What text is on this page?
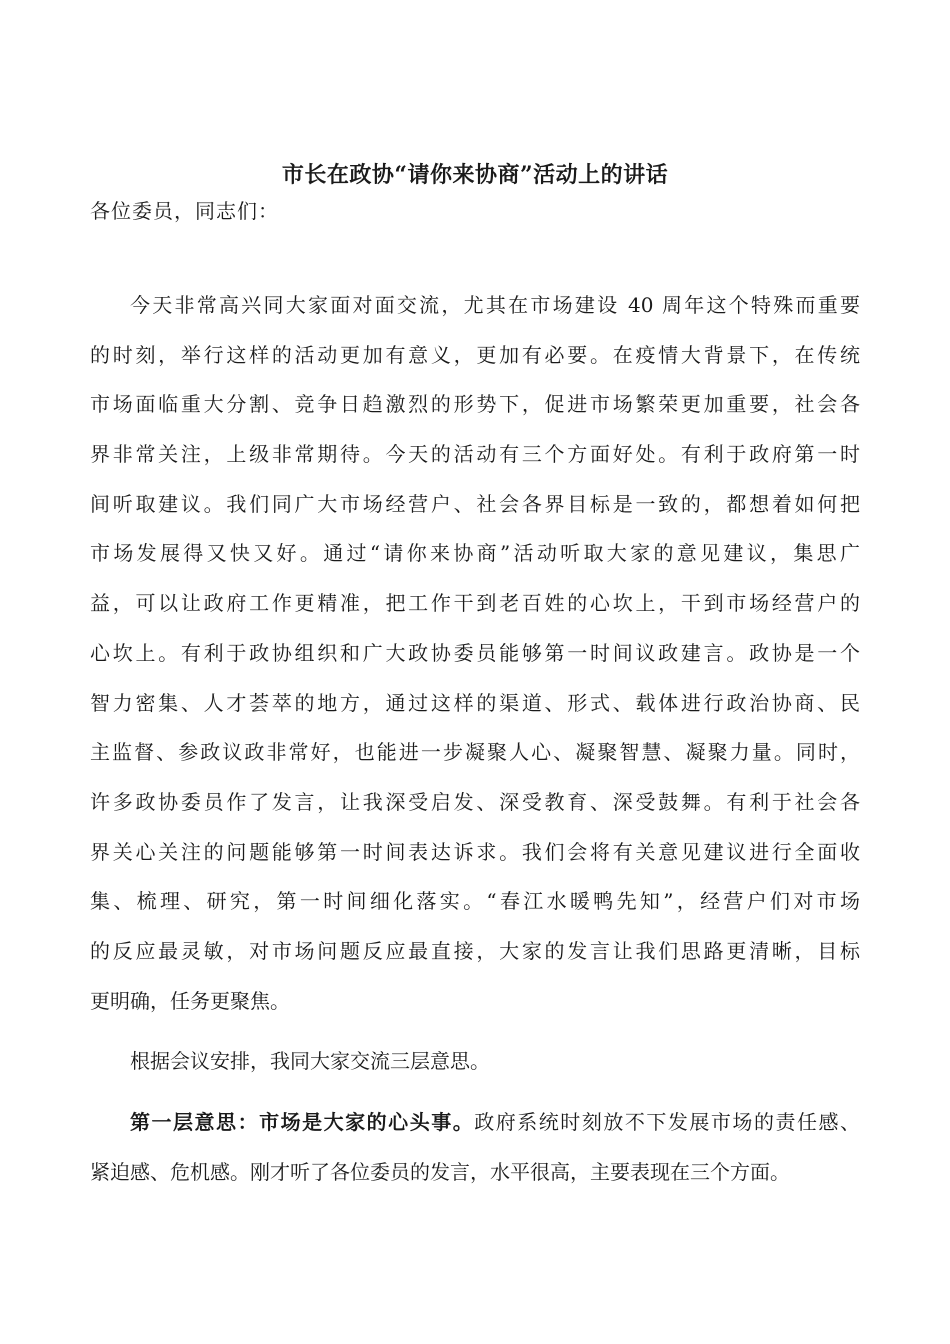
市长在政协“请你来协商”活动上的讲话
各位委员，同志们：
今天非常高兴同大家面对面交流，尤其在市场建设 40 周年这个特殊而重要
的时刻，举行这样的活动更加有意义，更加有必要。在疫情大背景下，在传统
市场面临重大分割、竞争日趋激烈的形势下，促进市场繁荣更加重要，社会各
界非常关注，上级非常期待。今天的活动有三个方面好处。有利于政府第一时
间听取建议。我们同广大市场经营户、社会各界目标是一致的，都想着如何把
市场发展得又快又好。通过“请你来协商”活动听取大家的意见建议，集思广
益，可以让政府工作更精准，把工作干到老百姓的心坎上，干到市场经营户的
心坎上。有利于政协组织和广大政协委员能够第一时间议政建言。政协是一个
智力密集、人才荟萃的地方，通过这样的渠道、形式、载体进行政治协商、民
主监督、参政议政非常好，也能进一步凝聚人心、凝聚智慧、凝聚力量。同时，
许多政协委员作了发言，让我深受启发、深受教育、深受鼓舞。有利于社会各
界关心关注的问题能够第一时间表达诉求。我们会将有关意见建议进行全面收
集、梳理、研究，第一时间细化落实。“春江水暖鸭先知”，经营户们对市场
的反应最灵敏，对市场问题反应最直接，大家的发言让我们思路更清晰，目标
更明确，任务更聚焦。
根据会议安排，我同大家交流三层意思。
第一层意思：市场是大家的心头事。政府系统时刻放不下发展市场的责任感、
紧迫感、危机感。刚才听了各位委员的发言，水平很高，主要表现在三个方面。
